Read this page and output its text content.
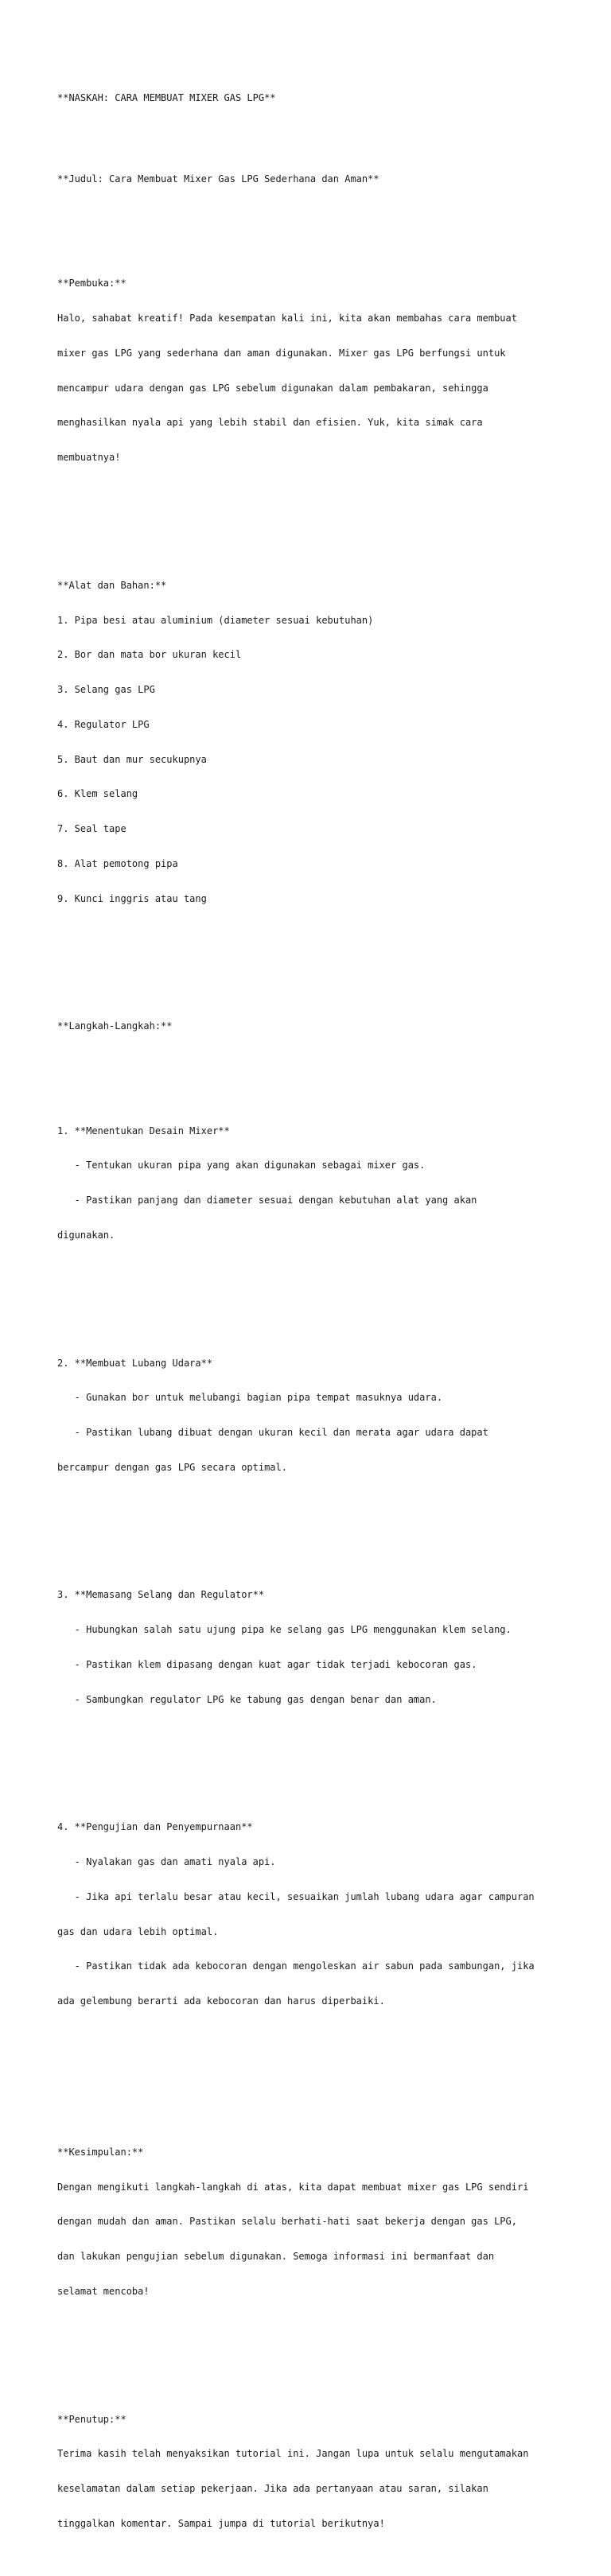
**NASKAH: CARA MEMBUAT MIXER GAS LPG**

**Judul: Cara Membuat Mixer Gas LPG Sederhana dan Aman**

**Pembuka:**

Halo, sahabat kreatif! Pada kesempatan kali ini, kita akan membahas cara membuat

mixer gas LPG yang sederhana dan aman digunakan. Mixer gas LPG berfungsi untuk

mencampur udara dengan gas LPG sebelum digunakan dalam pembakaran, sehingga

menghasilkan nyala api yang lebih stabil dan efisien. Yuk, kita simak cara

membuatnya!

**Alat dan Bahan:**

1. Pipa besi atau aluminium (diameter sesuai kebutuhan)

2. Bor dan mata bor ukuran kecil

3. Selang gas LPG

4. Regulator LPG

5. Baut dan mur secukupnya

6. Klem selang

7. Seal tape

8. Alat pemotong pipa

9. Kunci inggris atau tang

**Langkah-Langkah:**

1. **Menentukan Desain Mixer**

- Tentukan ukuran pipa yang akan digunakan sebagai mixer gas.

- Pastikan panjang dan diameter sesuai dengan kebutuhan alat yang akan

digunakan.

2. **Membuat Lubang Udara**

- Gunakan bor untuk melubangi bagian pipa tempat masuknya udara.

- Pastikan lubang dibuat dengan ukuran kecil dan merata agar udara dapat

bercampur dengan gas LPG secara optimal.

3. **Memasang Selang dan Regulator**

- Hubungkan salah satu ujung pipa ke selang gas LPG menggunakan klem selang.

- Pastikan klem dipasang dengan kuat agar tidak terjadi kebocoran gas.

- Sambungkan regulator LPG ke tabung gas dengan benar dan aman.

4. **Pengujian dan Penyempurnaan**

- Nyalakan gas dan amati nyala api.

- Jika api terlalu besar atau kecil, sesuaikan jumlah lubang udara agar campuran

gas dan udara lebih optimal.

- Pastikan tidak ada kebocoran dengan mengoleskan air sabun pada sambungan, jika

ada gelembung berarti ada kebocoran dan harus diperbaiki.

**Kesimpulan:**

Dengan mengikuti langkah-langkah di atas, kita dapat membuat mixer gas LPG sendiri

dengan mudah dan aman. Pastikan selalu berhati-hati saat bekerja dengan gas LPG,

dan lakukan pengujian sebelum digunakan. Semoga informasi ini bermanfaat dan

selamat mencoba!

**Penutup:**

Terima kasih telah menyaksikan tutorial ini. Jangan lupa untuk selalu mengutamakan

keselamatan dalam setiap pekerjaan. Jika ada pertanyaan atau saran, silakan

tinggalkan komentar. Sampai jumpa di tutorial berikutnya!
